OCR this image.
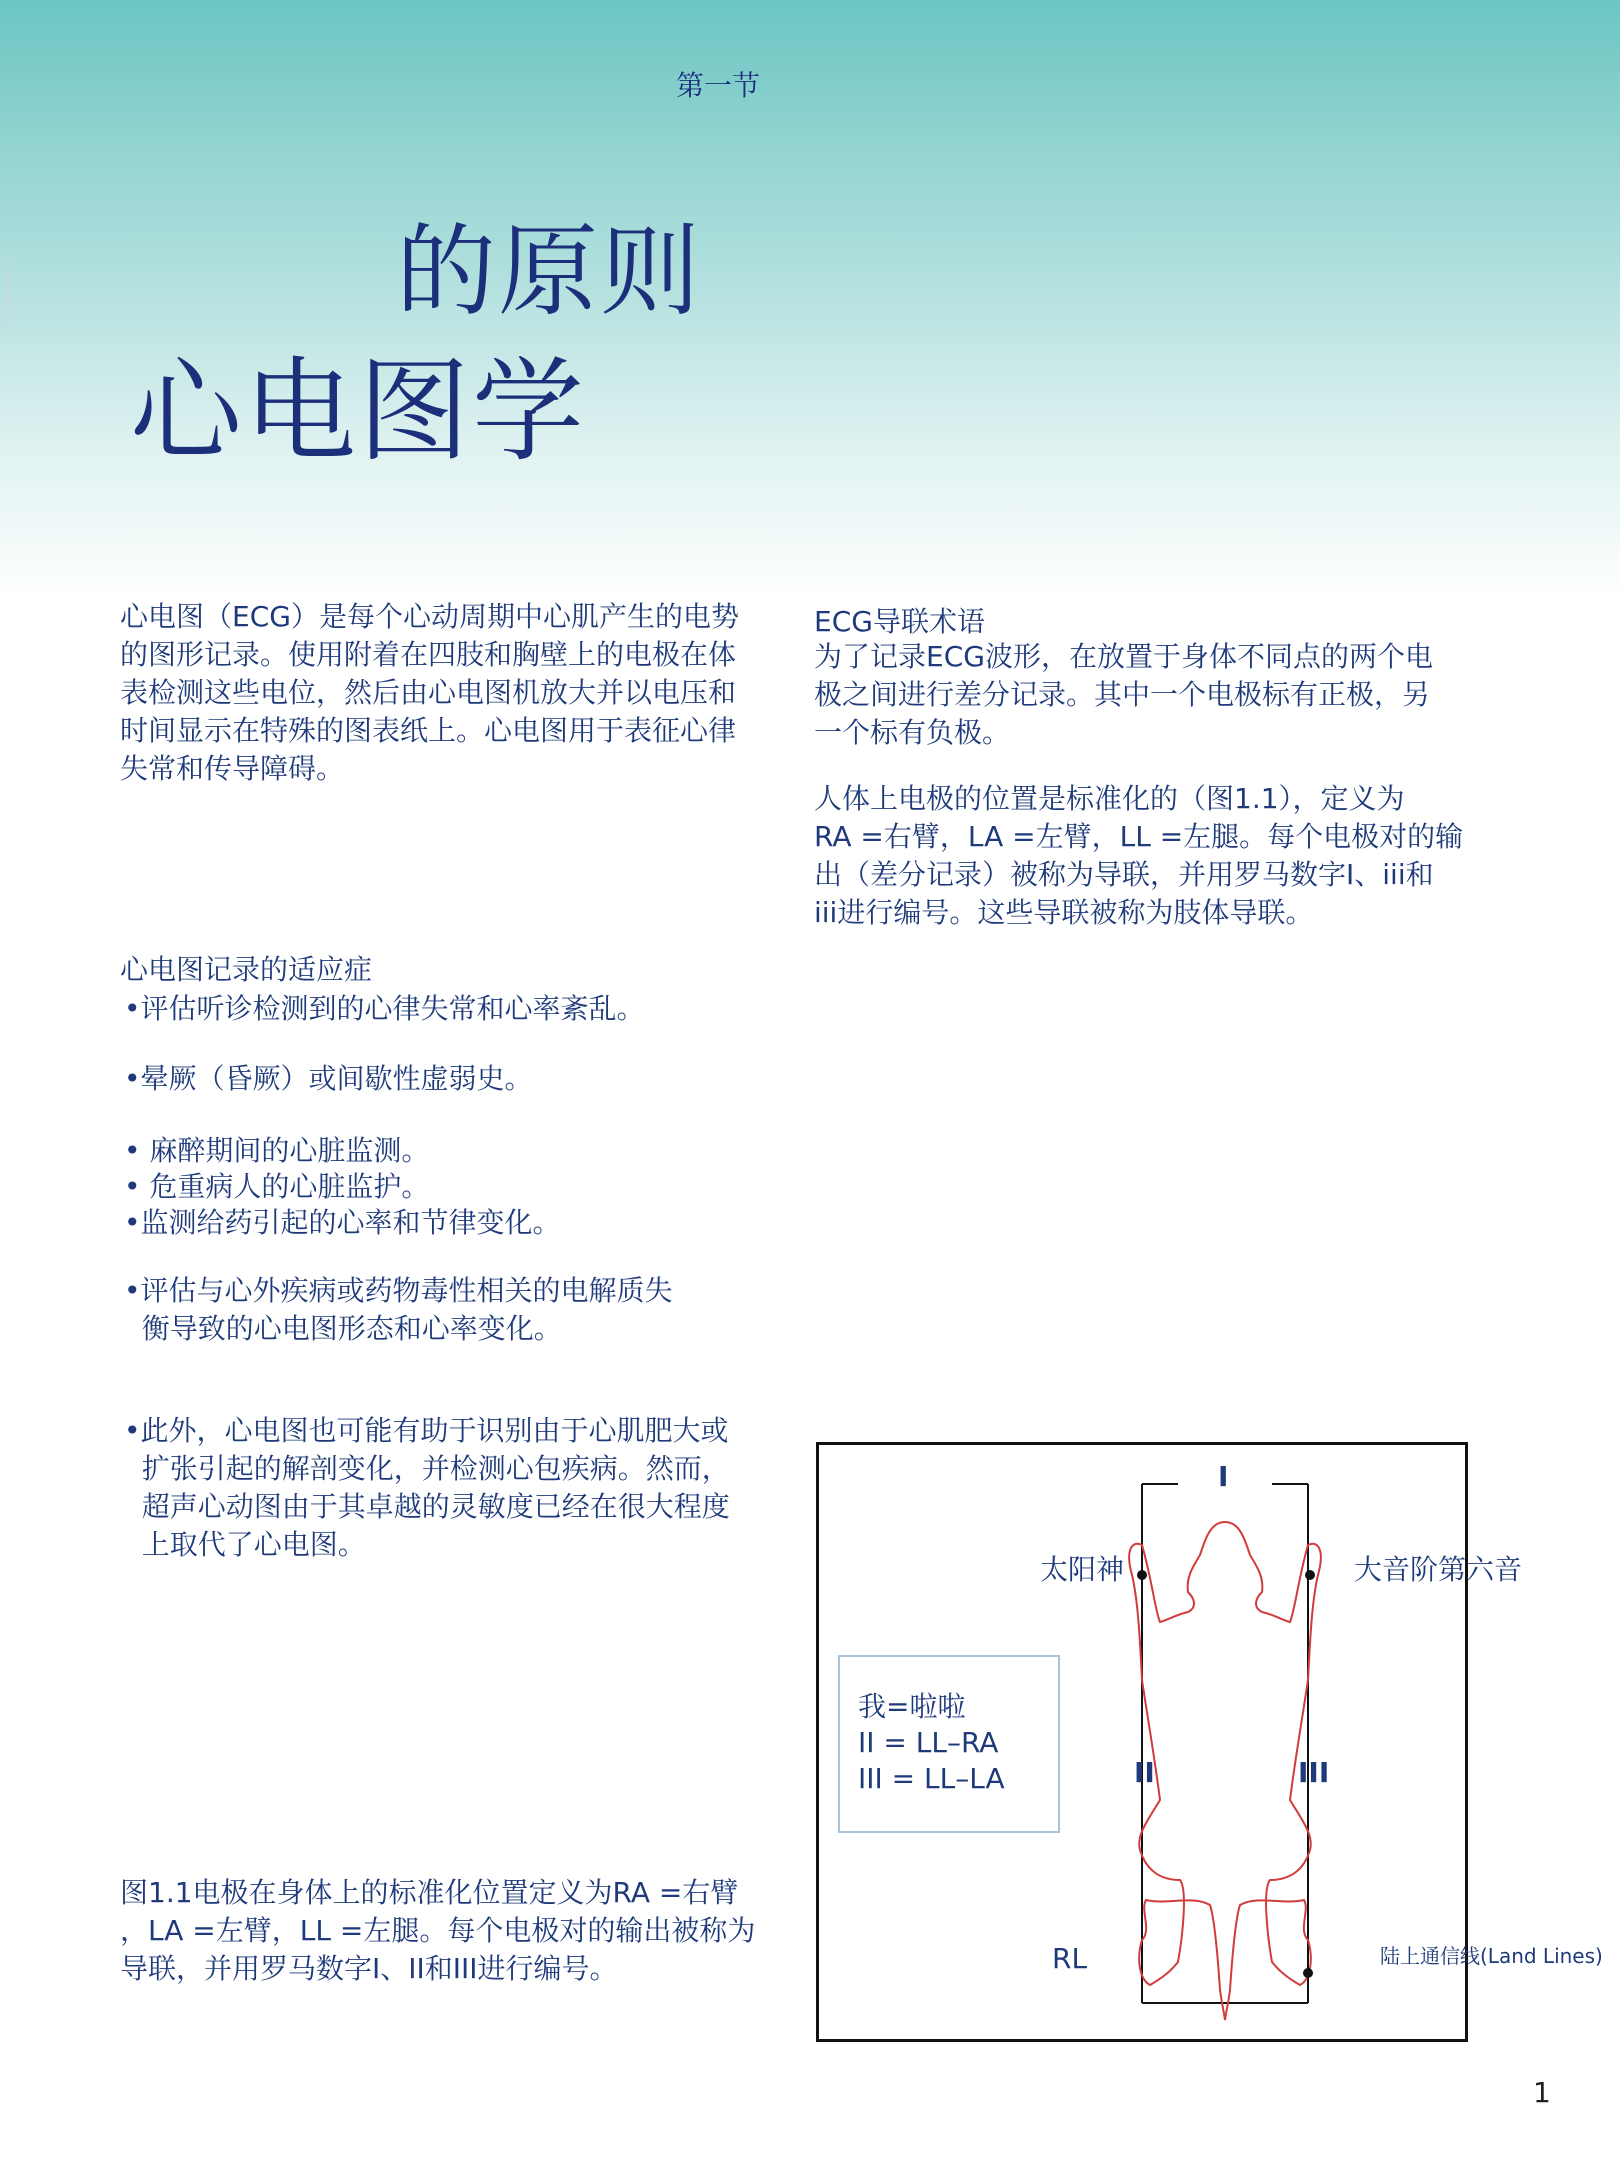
VetBooks.ir
第一节
的原则
心电图学
心电图（ECG）是每个心动周期中心肌产生的电势
的图形记录。使用附着在四肢和胸壁上的电极在体
表检测这些电位，然后由心电图机放大并以电压和
时间显示在特殊的图表纸上。心电图用于表征心律
失常和传导障碍。
心电图记录的适应症
•评估听诊检测到的心律失常和心率紊乱。
•晕厥（昏厥）或间歇性虚弱史。
• 麻醉期间的心脏监测。
• 危重病人的心脏监护。
•监测给药引起的心率和节律变化。
•评估与心外疾病或药物毒性相关的电解质失
衡导致的心电图形态和心率变化。
•此外，心电图也可能有助于识别由于心肌肥大或
扩张引起的解剖变化，并检测心包疾病。然而，
超声心动图由于其卓越的灵敏度已经在很大程度
上取代了心电图。
ECG导联术语
为了记录ECG波形，在放置于身体不同点的两个电
极之间进行差分记录。其中一个电极标有正极，另
一个标有负极。
人体上电极的位置是标准化的（图1.1），定义为
RA =右臂，LA =左臂，LL =左腿。每个电极对的输
出（差分记录）被称为导联，并用罗马数字I、iii和
iii进行编号。这些导联被称为肢体导联。
图1.1电极在身体上的标准化位置定义为RA =右臂
，LA =左臂，LL =左腿。每个电极对的输出被称为
导联，并用罗马数字I、II和III进行编号。
I
II	III
太阳神	大音阶第六音
RL	陆上通信线(Land Lines)
我=啦啦
II = LL–RA
III = LL–LA
1
